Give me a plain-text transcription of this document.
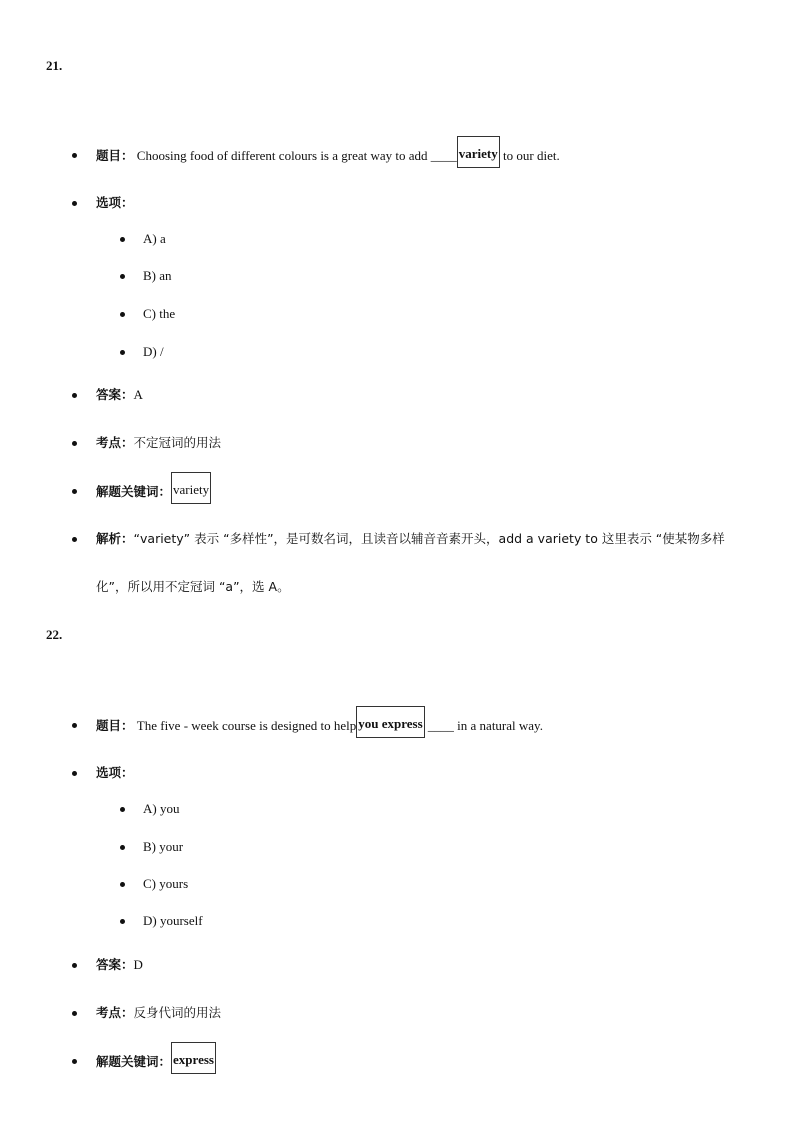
21.
题目： Choosing food of different colours is a great way to add ____ variety to our diet.
选项：
A) a
B) an
C) the
D) /
答案：A
考点：不定冠词的用法
解题关键词： variety
解析：“variety” 表示 “多样性”，是可数名词，且读音以辅音音素开头，add a variety to 这里表示 “使某物多样化”，所以用不定冠词 “a”，选 A。
22.
题目： The five - week course is designed to help you express ____ in a natural way.
选项：
A) you
B) your
C) yours
D) yourself
答案：D
考点：反身代词的用法
解题关键词： express
